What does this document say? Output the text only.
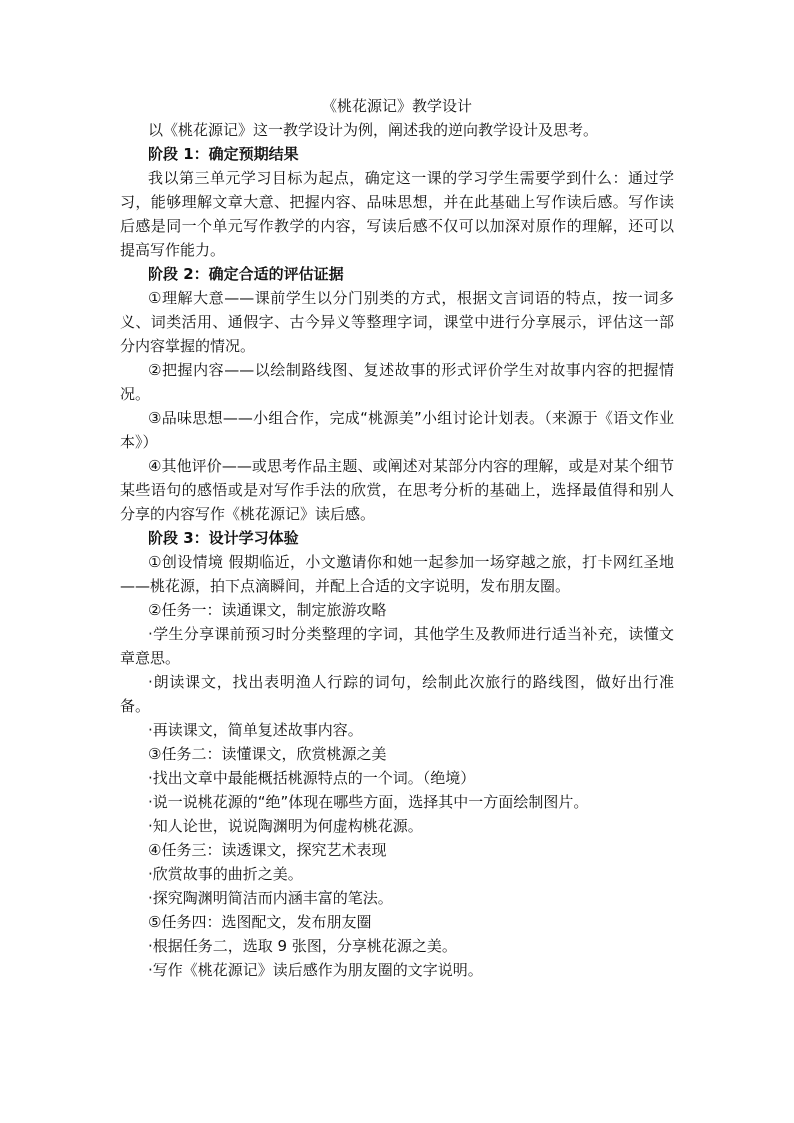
《桃花源记》教学设计

以《桃花源记》这一教学设计为例，阐述我的逆向教学设计及思考。

阶段 1：确定预期结果

我以第三单元学习目标为起点，确定这一课的学习学生需要学到什么：通过学习，能够理解文章大意、把握内容、品味思想，并在此基础上写作读后感。写作读后感是同一个单元写作教学的内容，写读后感不仅可以加深对原作的理解，还可以提高写作能力。

阶段 2：确定合适的评估证据

①理解大意——课前学生以分门别类的方式，根据文言词语的特点，按一词多义、词类活用、通假字、古今异义等整理字词，课堂中进行分享展示，评估这一部分内容掌握的情况。

②把握内容——以绘制路线图、复述故事的形式评价学生对故事内容的把握情况。

③品味思想——小组合作，完成“桃源美”小组讨论计划表。（来源于《语文作业本》）

④其他评价——或思考作品主题、或阐述对某部分内容的理解，或是对某个细节某些语句的感悟或是对写作手法的欣赏，在思考分析的基础上，选择最值得和别人分享的内容写作《桃花源记》读后感。

阶段 3：设计学习体验

①创设情境 假期临近，小文邀请你和她一起参加一场穿越之旅，打卡网红圣地——桃花源，拍下点滴瞬间，并配上合适的文字说明，发布朋友圈。

②任务一：读通课文，制定旅游攻略

·学生分享课前预习时分类整理的字词，其他学生及教师进行适当补充，读懂文章意思。

·朗读课文，找出表明渔人行踪的词句，绘制此次旅行的路线图，做好出行准备。

·再读课文，简单复述故事内容。

③任务二：读懂课文，欣赏桃源之美

·找出文章中最能概括桃源特点的一个词。（绝境）

·说一说桃花源的“绝”体现在哪些方面，选择其中一方面绘制图片。

·知人论世，说说陶渊明为何虚构桃花源。

④任务三：读透课文，探究艺术表现

·欣赏故事的曲折之美。

·探究陶渊明简洁而内涵丰富的笔法。

⑤任务四：选图配文，发布朋友圈

·根据任务二，选取 9 张图，分享桃花源之美。

·写作《桃花源记》读后感作为朋友圈的文字说明。
